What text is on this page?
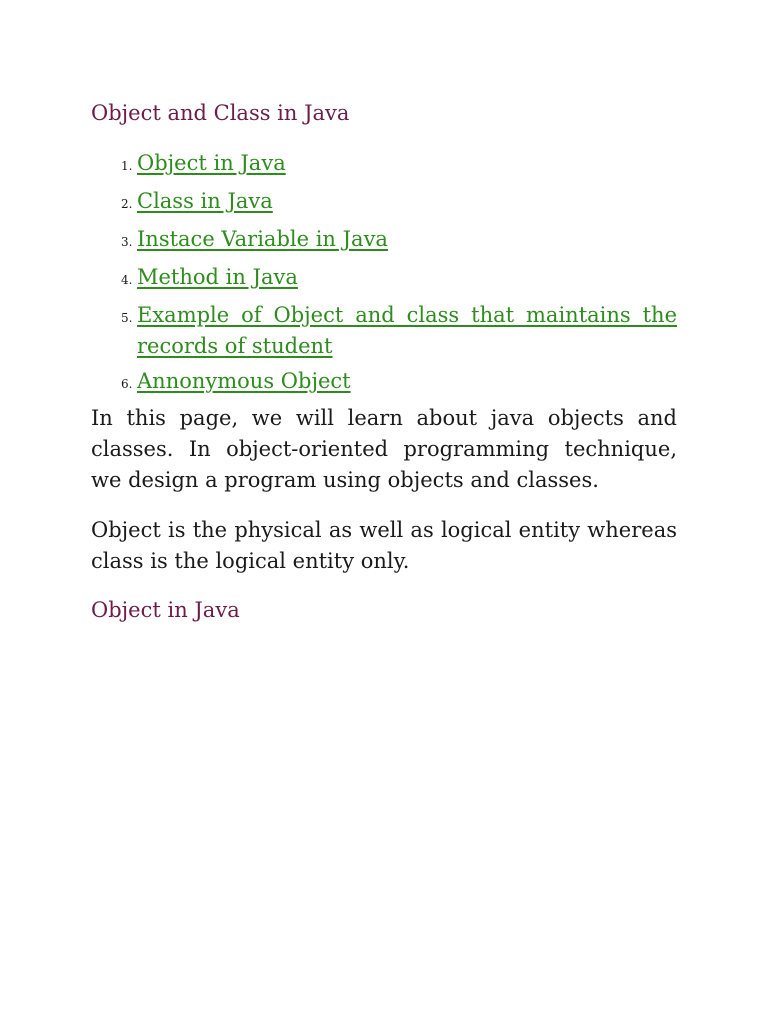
Object and Class in Java
1. Object in Java
2. Class in Java
3. Instace Variable in Java
4. Method in Java
5. Example of Object and class that maintains the records of student
6. Annonymous Object

In this page, we will learn about java objects and classes. In object-oriented programming technique, we design a program using objects and classes.

Object is the physical as well as logical entity whereas class is the logical entity only.

Object in Java
